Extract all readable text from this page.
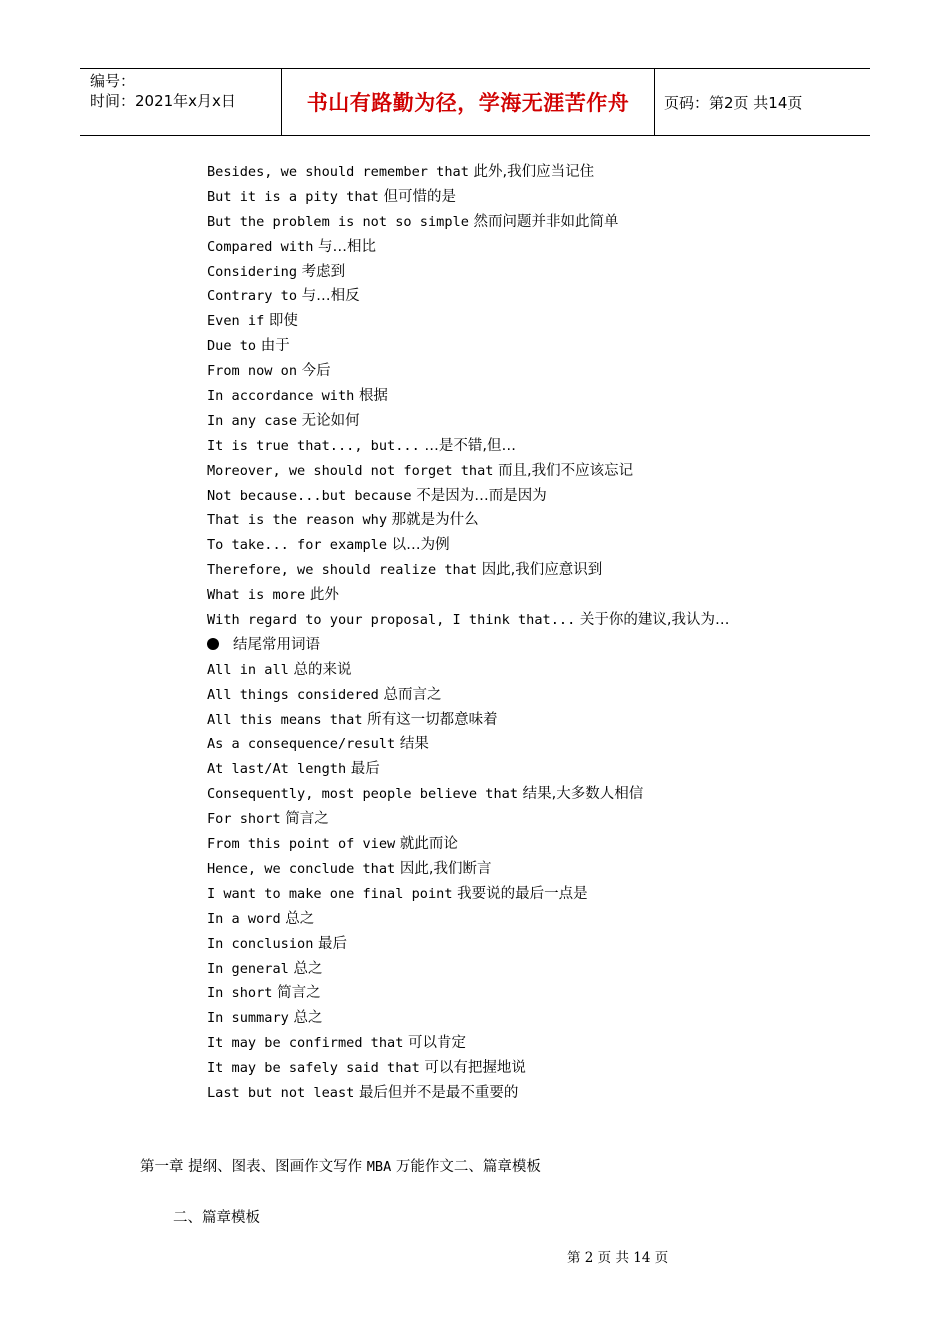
编号：
时间：2021年x月x日	书山有路勤为径，学海无涯苦作舟	页码：第2页 共14页
Besides, we should remember that 此外,我们应当记住
But it is a pity that 但可惜的是
But the problem is not so simple 然而问题并非如此简单
Compared with 与…相比
Considering 考虑到
Contrary to 与…相反
Even if 即使
Due to 由于
From now on 今后
In accordance with 根据
In any case 无论如何
It is true that..., but... …是不错,但…
Moreover, we should not forget that 而且,我们不应该忘记
Not because...but because 不是因为…而是因为
That is the reason why 那就是为什么
To take... for example 以…为例
Therefore, we should realize that 因此,我们应意识到
What is more 此外
With regard to your proposal, I think that... 关于你的建议,我认为…
结尾常用词语
All in all 总的来说
All things considered 总而言之
All this means that 所有这一切都意味着
As a consequence/result 结果
At last/At length 最后
Consequently, most people believe that 结果,大多数人相信
For short 简言之
From this point of view 就此而论
Hence, we conclude that 因此,我们断言
I want to make one final point 我要说的最后一点是
In a word 总之
In conclusion 最后
In general 总之
In short 简言之
In summary 总之
It may be confirmed that 可以肯定
It may be safely said that 可以有把握地说
Last but not least 最后但并不是最不重要的
第一章 提纲、图表、图画作文写作 MBA 万能作文二、篇章模板
二、篇章模板
第 2 页 共 14 页
